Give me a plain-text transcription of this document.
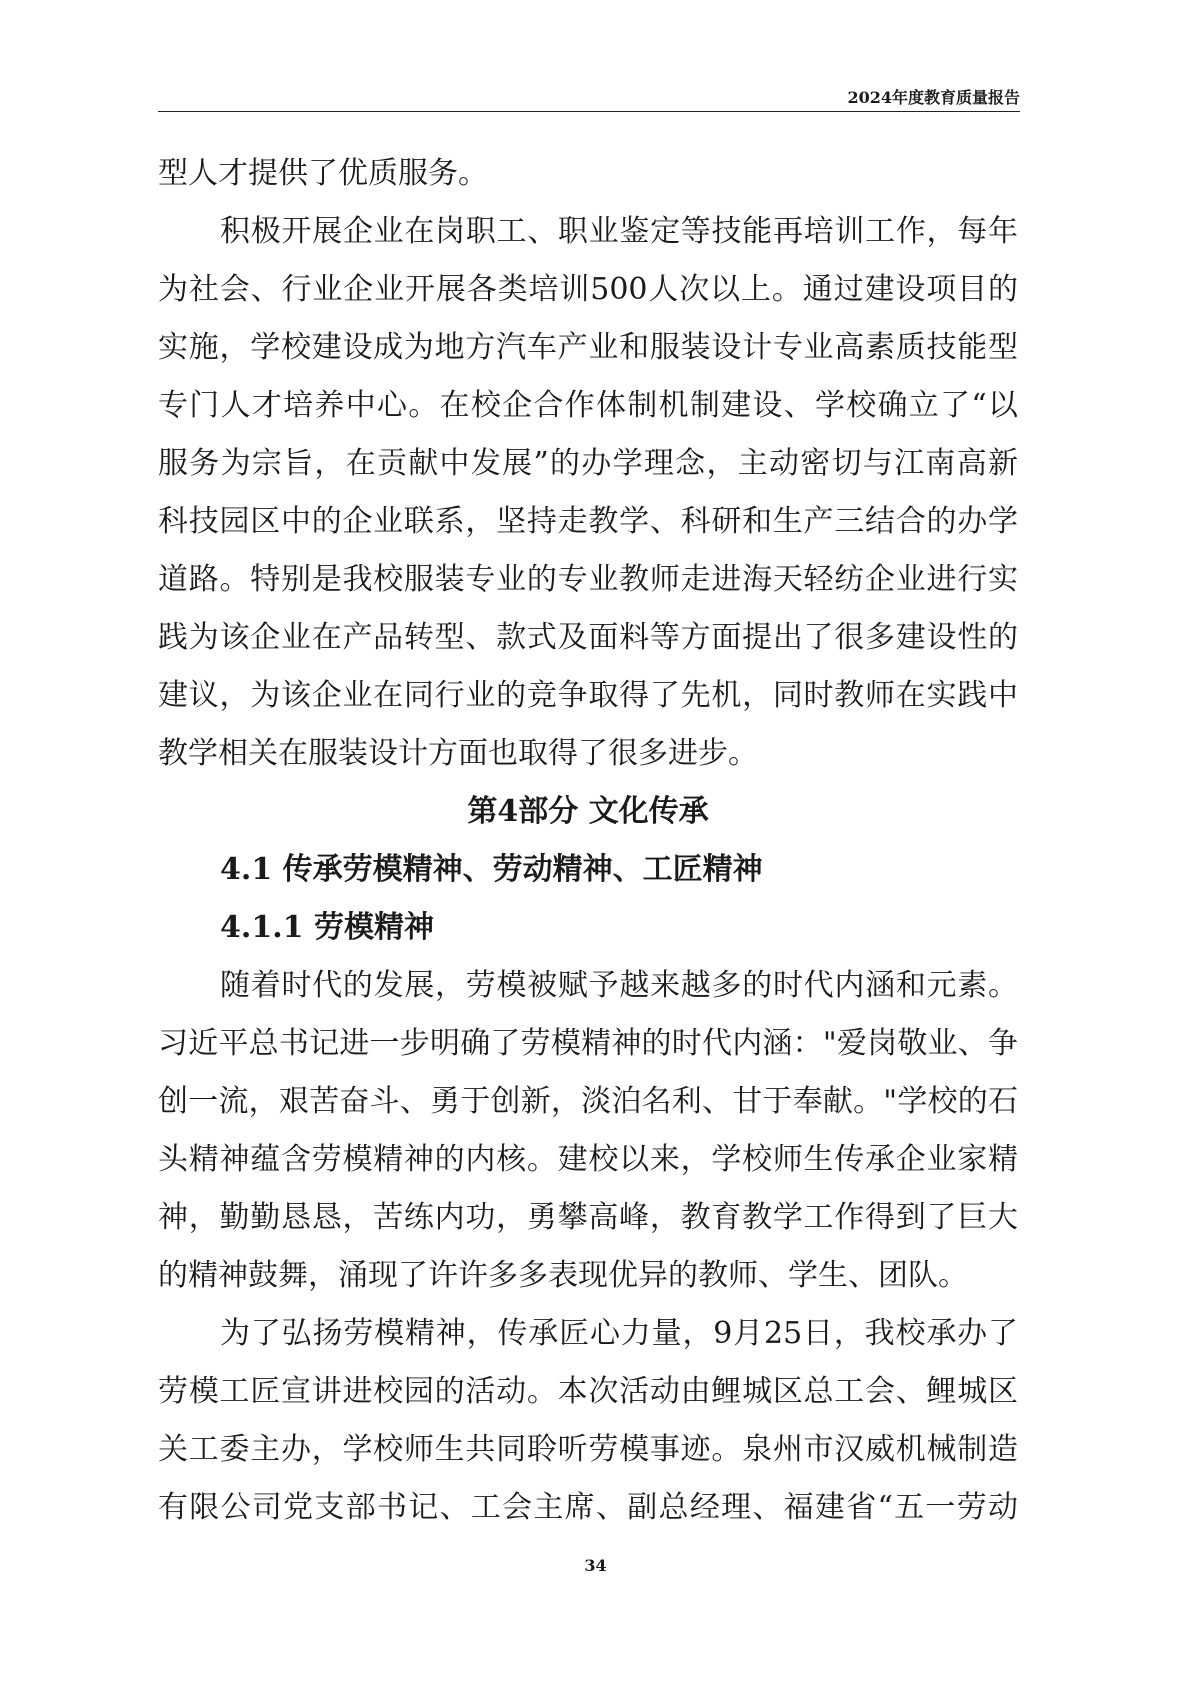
2024年度教育质量报告
型人才提供了优质服务。
积极开展企业在岗职工、职业鉴定等技能再培训工作，每年
为社会、行业企业开展各类培训500人次以上。通过建设项目的
实施，学校建设成为地方汽车产业和服装设计专业高素质技能型
专门人才培养中心。在校企合作体制机制建设、学校确立了“以
服务为宗旨，在贡献中发展”的办学理念，主动密切与江南高新
科技园区中的企业联系，坚持走教学、科研和生产三结合的办学
道路。特别是我校服装专业的专业教师走进海天轻纺企业进行实
践为该企业在产品转型、款式及面料等方面提出了很多建设性的
建议，为该企业在同行业的竞争取得了先机，同时教师在实践中
教学相关在服装设计方面也取得了很多进步。
第4部分 文化传承
4.1 传承劳模精神、劳动精神、工匠精神
4.1.1 劳模精神
随着时代的发展，劳模被赋予越来越多的时代内涵和元素。
习近平总书记进一步明确了劳模精神的时代内涵："爱岗敬业、争
创一流，艰苦奋斗、勇于创新，淡泊名利、甘于奉献。"学校的石
头精神蕴含劳模精神的内核。建校以来，学校师生传承企业家精
神，勤勤恳恳，苦练内功，勇攀高峰，教育教学工作得到了巨大
的精神鼓舞，涌现了许许多多表现优异的教师、学生、团队。
为了弘扬劳模精神，传承匠心力量，9月25日，我校承办了
劳模工匠宣讲进校园的活动。本次活动由鲤城区总工会、鲤城区
关工委主办，学校师生共同聆听劳模事迹。泉州市汉威机械制造
有限公司党支部书记、工会主席、副总经理、福建省“五一劳动
34
